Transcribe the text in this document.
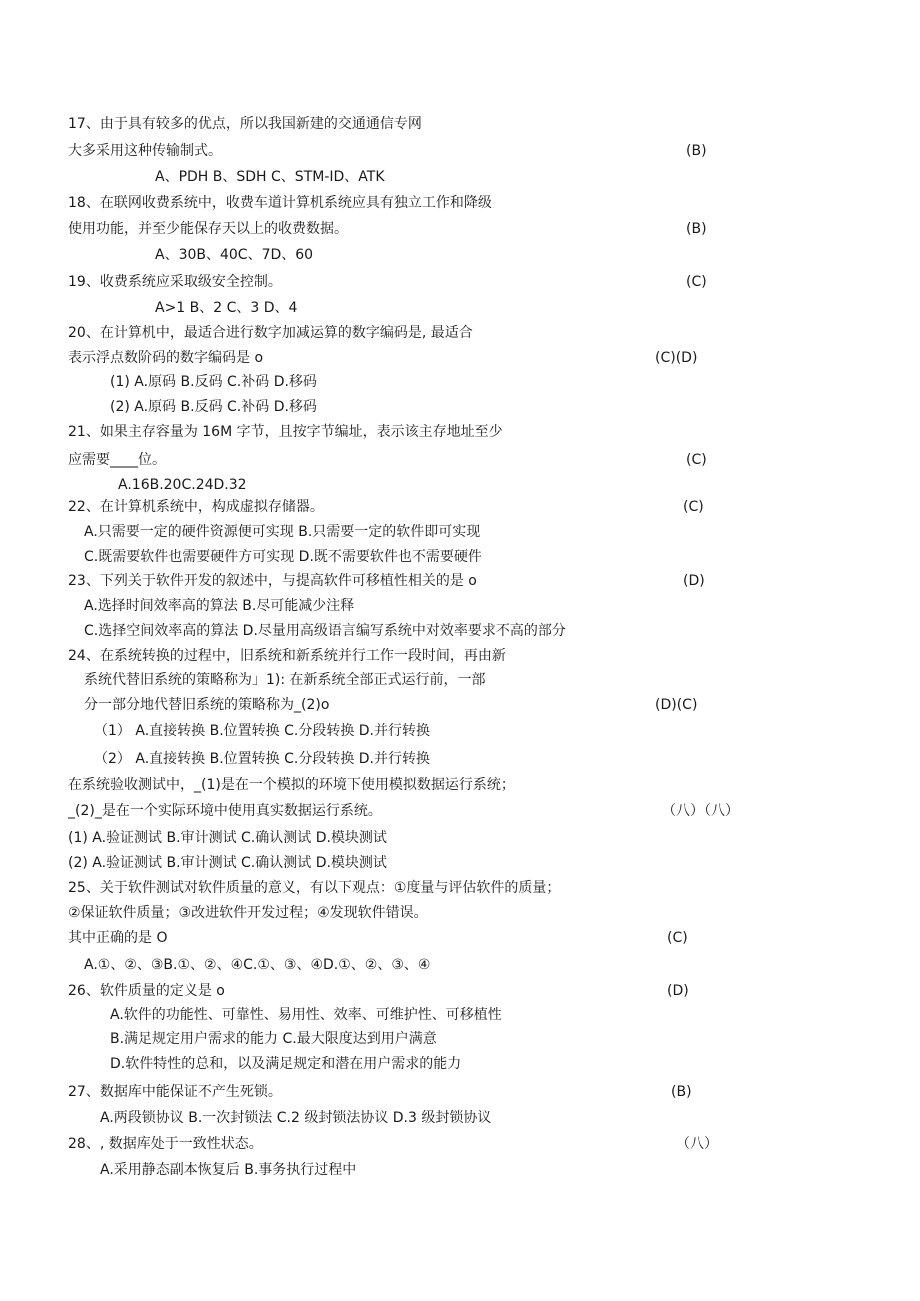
17、由于具有较多的优点，所以我国新建的交通通信专网
大多采用这种传输制式。	(B)
A、PDH B、SDH C、STM-ID、ATK
18、在联网收费系统中，收费车道计算机系统应具有独立工作和降级
使用功能，并至少能保存天以上的收费数据。	(B)
A、30B、40C、7D、60
19、收费系统应采取级安全控制。	(C)
A>1 B、2 C、3 D、4
20、在计算机中，最适合进行数字加减运算的数字编码是, 最适合
表示浮点数阶码的数字编码是 o	(C)(D)
(1) A.原码 B.反码 C.补码 D.移码
(2) A.原码 B.反码 C.补码 D.移码
21、如果主存容量为 16M 字节，且按字节编址，表示该主存地址至少
应需要____位。	(C)
A.16B.20C.24D.32
22、在计算机系统中，构成虚拟存储器。	(C)
A.只需要一定的硬件资源便可实现 B.只需要一定的软件即可实现
C.既需要软件也需要硬件方可实现 D.既不需要软件也不需要硬件
23、下列关于软件开发的叙述中，与提高软件可移植性相关的是 o	(D)
A.选择时间效率高的算法 B.尽可能减少注释
C.选择空间效率高的算法 D.尽量用高级语言编写系统中对效率要求不高的部分
24、在系统转换的过程中，旧系统和新系统并行工作一段时间，再由新
系统代替旧系统的策略称为」1): 在新系统全部正式运行前，一部
分一部分地代替旧系统的策略称为_(2)o	(D)(C)
（1） A.直接转换 B.位置转换 C.分段转换 D.并行转换
（2） A.直接转换 B.位置转换 C.分段转换 D.并行转换
在系统验收测试中，_(1)是在一个模拟的环境下使用模拟数据运行系统；
_(2)_是在一个实际环境中使用真实数据运行系统。	（八）（八）
(1) A.验证测试 B.审计测试 C.确认测试 D.模块测试
(2) A.验证测试 B.审计测试 C.确认测试 D.模块测试
25、关于软件测试对软件质量的意义，有以下观点：①度量与评估软件的质量；
②保证软件质量；③改进软件开发过程；④发现软件错误。
其中正确的是 O	(C)
A.①、②、③B.①、②、④C.①、③、④D.①、②、③、④
26、软件质量的定义是 o	(D)
A.软件的功能性、可靠性、易用性、效率、可维护性、可移植性
B.满足规定用户需求的能力 C.最大限度达到用户满意
D.软件特性的总和，以及满足规定和潜在用户需求的能力
27、数据库中能保证不产生死锁。	(B)
A.两段锁协议 B.一次封锁法 C.2 级封锁法协议 D.3 级封锁协议
28、, 数据库处于一致性状态。	（八）
A.采用静态副本恢复后 B.事务执行过程中
